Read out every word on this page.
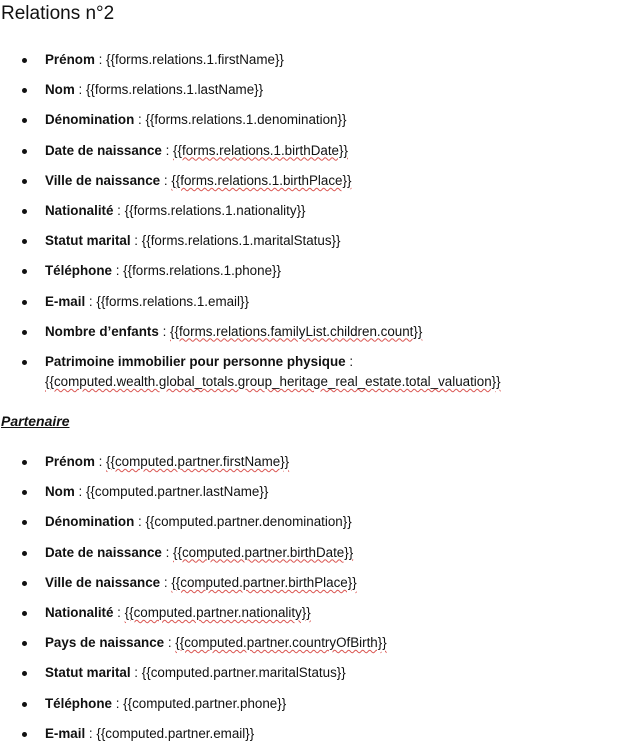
Relations n°2
Prénom : {{forms.relations.1.firstName}}
Nom : {{forms.relations.1.lastName}}
Dénomination : {{forms.relations.1.denomination}}
Date de naissance : {{forms.relations.1.birthDate}}
Ville de naissance : {{forms.relations.1.birthPlace}}
Nationalité : {{forms.relations.1.nationality}}
Statut marital : {{forms.relations.1.maritalStatus}}
Téléphone : {{forms.relations.1.phone}}
E-mail : {{forms.relations.1.email}}
Nombre d’enfants : {{forms.relations.familyList.children.count}}
Patrimoine immobilier pour personne physique :
{{computed.wealth.global_totals.group_heritage_real_estate.total_valuation}}
Partenaire
Prénom : {{computed.partner.firstName}}
Nom : {{computed.partner.lastName}}
Dénomination : {{computed.partner.denomination}}
Date de naissance : {{computed.partner.birthDate}}
Ville de naissance : {{computed.partner.birthPlace}}
Nationalité : {{computed.partner.nationality}}
Pays de naissance : {{computed.partner.countryOfBirth}}
Statut marital : {{computed.partner.maritalStatus}}
Téléphone : {{computed.partner.phone}}
E-mail : {{computed.partner.email}}
